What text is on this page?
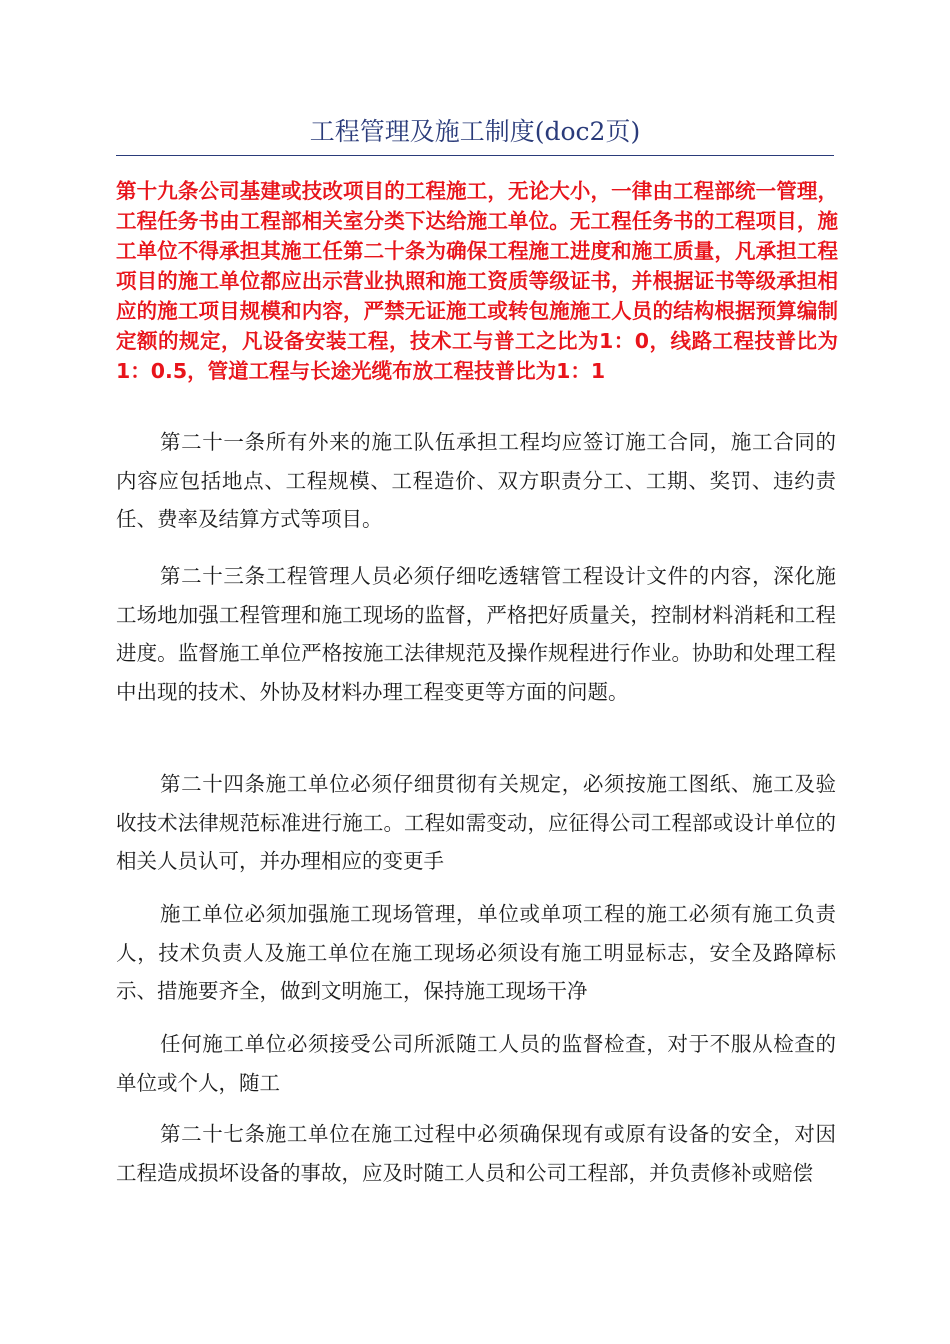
工程管理及施工制度(doc2页)
第十九条公司基建或技改项目的工程施工，无论大小，一律由工程部统一管理，工程任务书由工程部相关室分类下达给施工单位。无工程任务书的工程项目，施工单位不得承担其施工任第二十条为确保工程施工进度和施工质量，凡承担工程项目的施工单位都应出示营业执照和施工资质等级证书，并根据证书等级承担相应的施工项目规模和内容，严禁无证施工或转包施施工人员的结构根据预算编制定额的规定，凡设备安装工程，技术工与普工之比为1：0，线路工程技普比为1：0.5，管道工程与长途光缆布放工程技普比为1：1
第二十一条所有外来的施工队伍承担工程均应签订施工合同，施工合同的内容应包括地点、工程规模、工程造价、双方职责分工、工期、奖罚、违约责任、费率及结算方式等项目。
第二十三条工程管理人员必须仔细吃透辖管工程设计文件的内容，深化施工场地加强工程管理和施工现场的监督，严格把好质量关，控制材料消耗和工程进度。监督施工单位严格按施工法律规范及操作规程进行作业。协助和处理工程中出现的技术、外协及材料办理工程变更等方面的问题。
第二十四条施工单位必须仔细贯彻有关规定，必须按施工图纸、施工及验收技术法律规范标准进行施工。工程如需变动，应征得公司工程部或设计单位的相关人员认可，并办理相应的变更手
施工单位必须加强施工现场管理，单位或单项工程的施工必须有施工负责人，技术负责人及施工单位在施工现场必须设有施工明显标志，安全及路障标示、措施要齐全，做到文明施工，保持施工现场干净
任何施工单位必须接受公司所派随工人员的监督检查，对于不服从检查的单位或个人，随工
第二十七条施工单位在施工过程中必须确保现有或原有设备的安全，对因工程造成损坏设备的事故，应及时随工人员和公司工程部，并负责修补或赔偿
